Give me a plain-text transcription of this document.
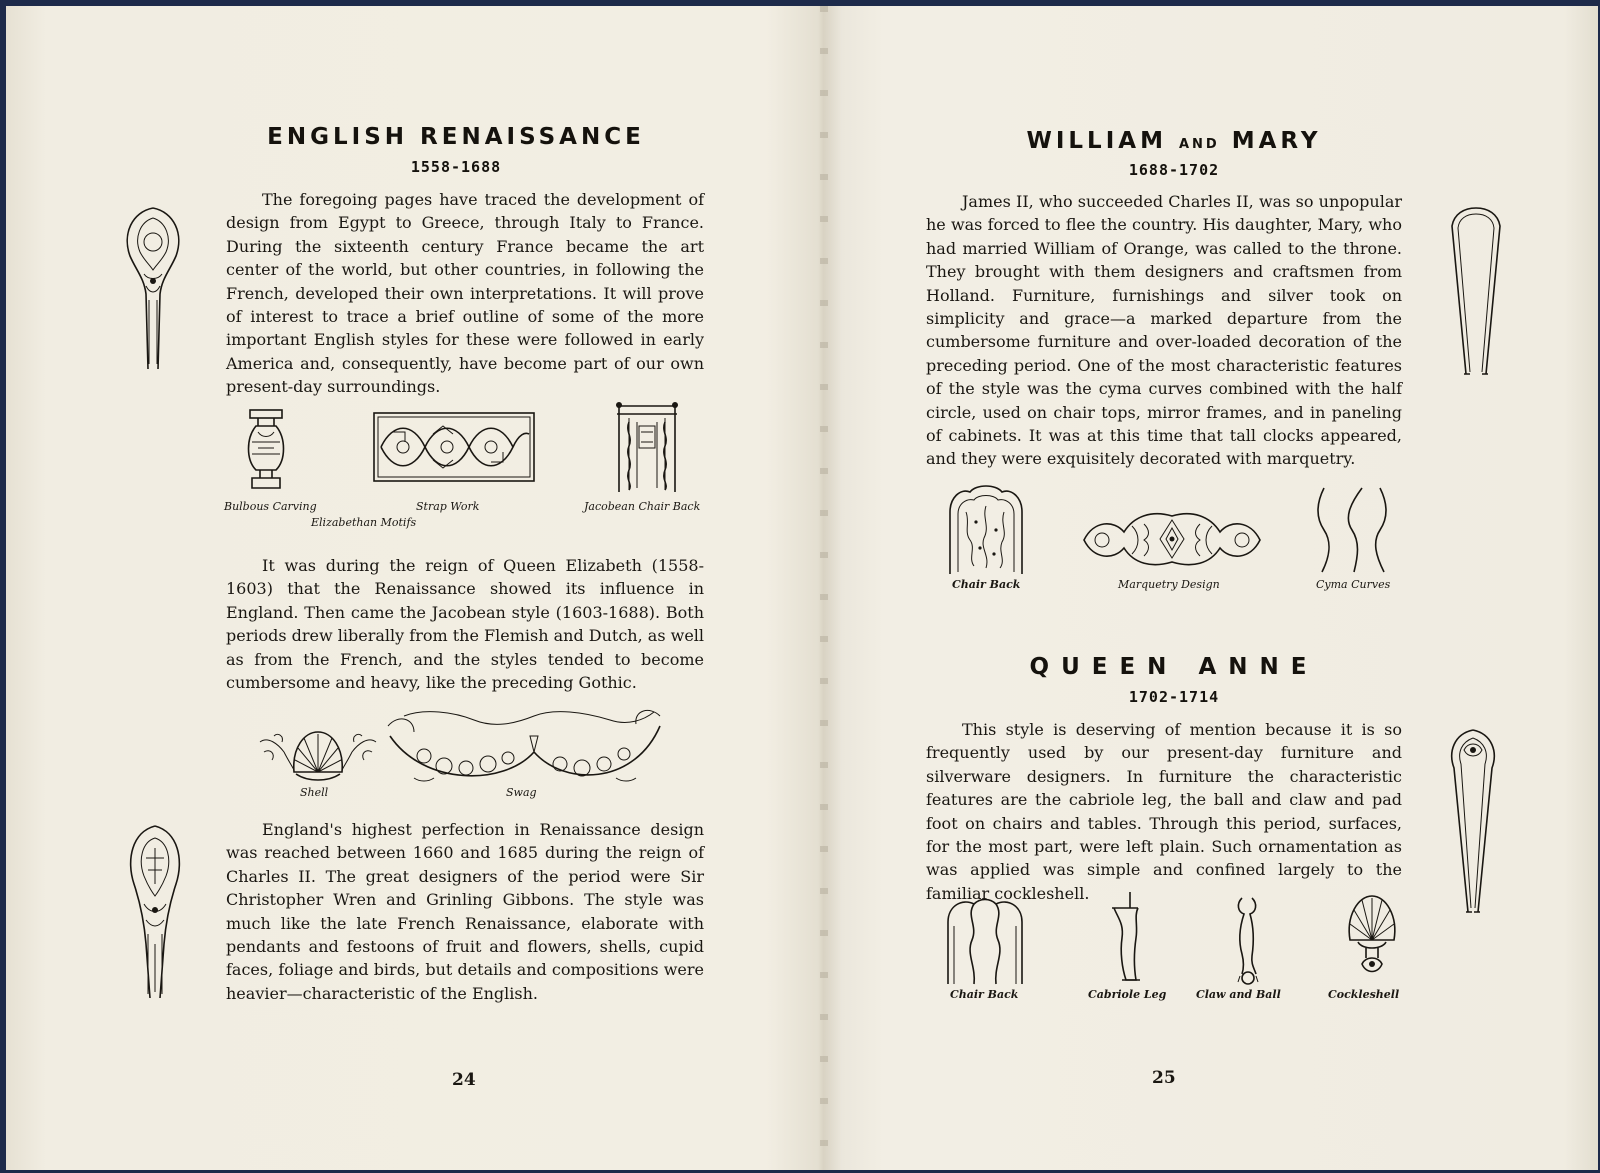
ENGLISH RENAISSANCE
1558-1688
The foregoing pages have traced the development of design from Egypt to Greece, through Italy to France. During the sixteenth century France became the art center of the world, but other countries, in following the French, developed their own interpretations. It will prove of interest to trace a brief outline of some of the more important English styles for these were followed in early America and, consequently, have become part of our own present-day surroundings.
Bulbous Carving	Strap Work	Jacobean Chair Back
Elizabethan Motifs
It was during the reign of Queen Elizabeth (1558-1603) that the Renaissance showed its influence in England. Then came the Jacobean style (1603-1688). Both periods drew liberally from the Flemish and Dutch, as well as from the French, and the styles tended to become cumbersome and heavy, like the preceding Gothic.
Shell	Swag
England's highest perfection in Renaissance design was reached between 1660 and 1685 during the reign of Charles II. The great designers of the period were Sir Christopher Wren and Grinling Gibbons. The style was much like the late French Renaissance, elaborate with pendants and festoons of fruit and flowers, shells, cupid faces, foliage and birds, but details and compositions were heavier—characteristic of the English.
24
WILLIAM AND MARY
1688-1702
James II, who succeeded Charles II, was so unpopular he was forced to flee the country. His daughter, Mary, who had married William of Orange, was called to the throne. They brought with them designers and craftsmen from Holland. Furniture, furnishings and silver took on simplicity and grace—a marked departure from the cumbersome furniture and over-loaded decoration of the preceding period. One of the most characteristic features of the style was the cyma curves combined with the half circle, used on chair tops, mirror frames, and in paneling of cabinets. It was at this time that tall clocks appeared, and they were exquisitely decorated with marquetry.
Chair Back	Marquetry Design	Cyma Curves
QUEEN ANNE
1702-1714
This style is deserving of mention because it is so frequently used by our present-day furniture and silverware designers. In furniture the characteristic features are the cabriole leg, the ball and claw and pad foot on chairs and tables. Through this period, surfaces, for the most part, were left plain. Such ornamentation as was applied was simple and confined largely to the familiar cockleshell.
Chair Back	Cabriole Leg	Claw and Ball	Cockleshell
25
